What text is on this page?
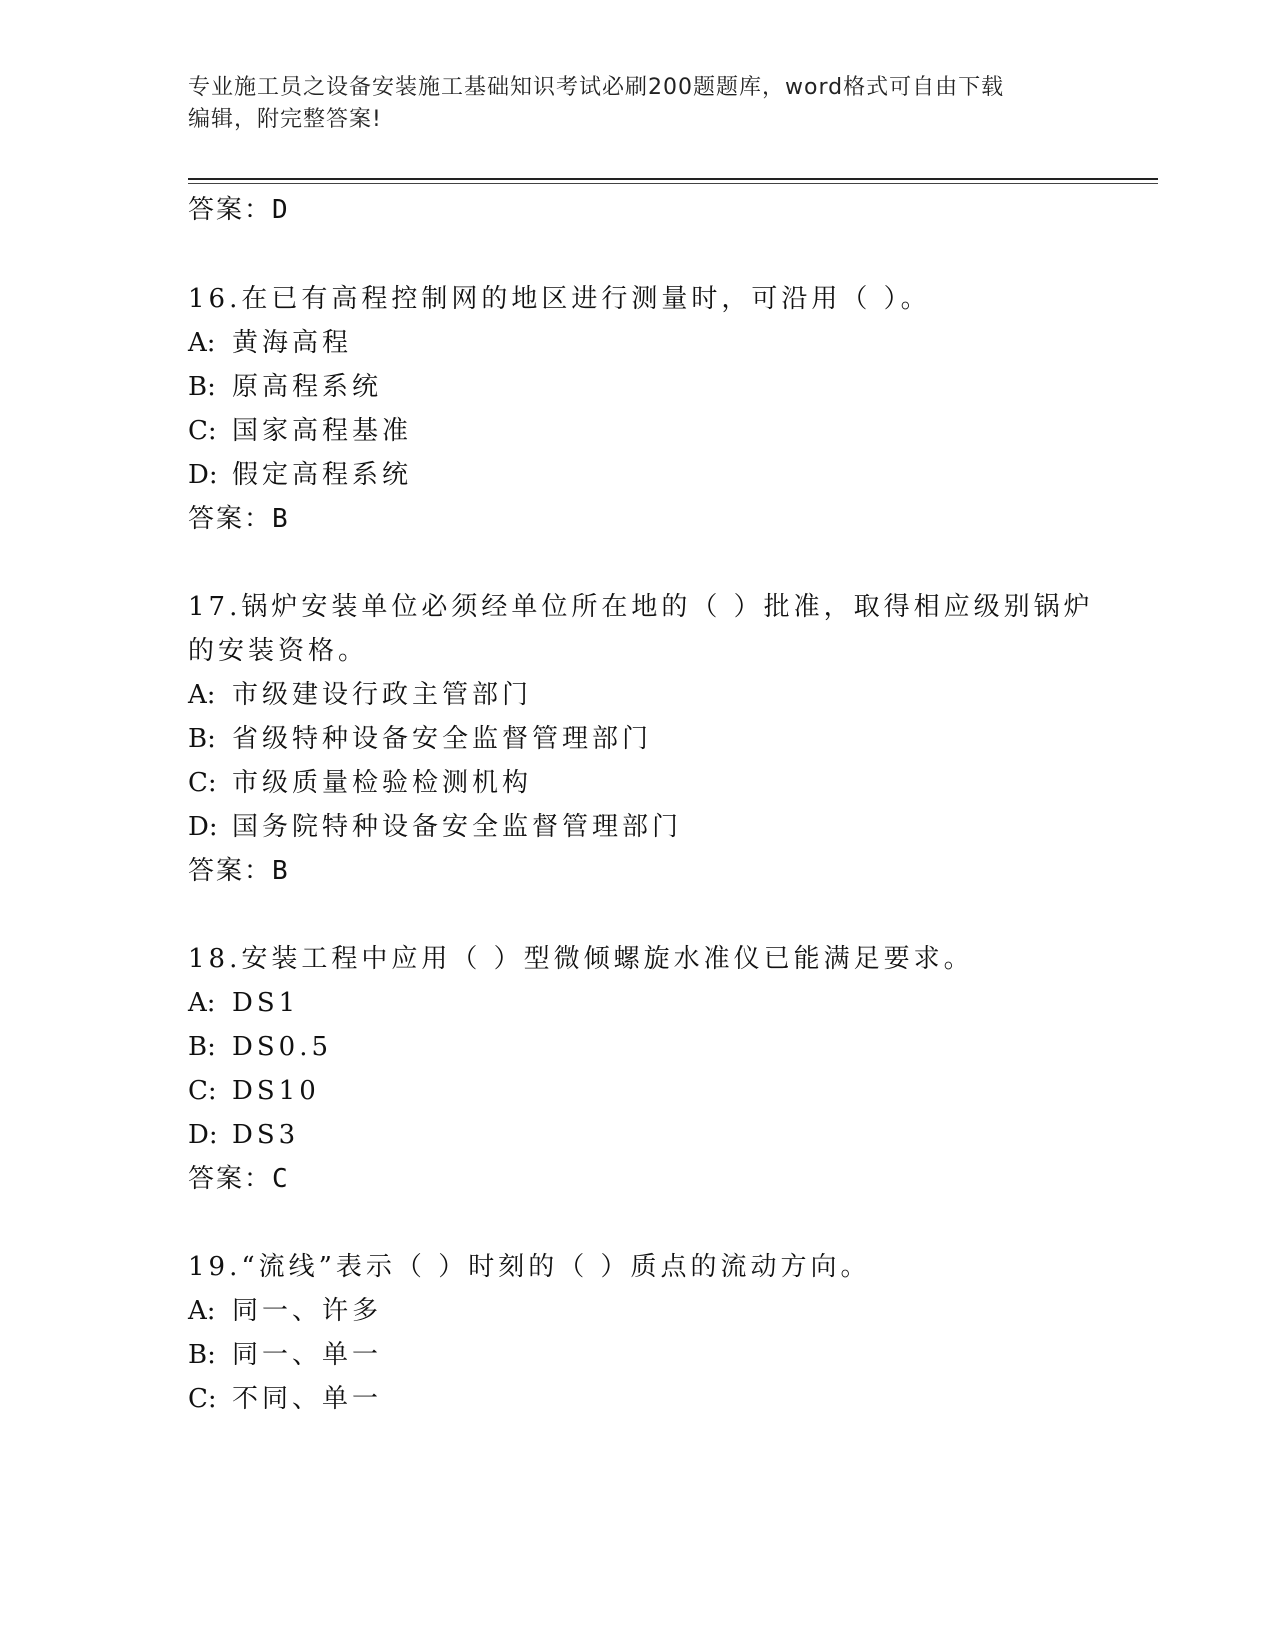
专业施工员之设备安装施工基础知识考试必刷200题题库，word格式可自由下载
编辑，附完整答案!
答案：D
16.在已有高程控制网的地区进行测量时，可沿用（ ）。
A: 黄海高程
B: 原高程系统
C: 国家高程基准
D: 假定高程系统
答案：B
17.锅炉安装单位必须经单位所在地的（ ）批准，取得相应级别锅炉
的安装资格。
A: 市级建设行政主管部门
B: 省级特种设备安全监督管理部门
C: 市级质量检验检测机构
D: 国务院特种设备安全监督管理部门
答案：B
18.安装工程中应用（ ）型微倾螺旋水准仪已能满足要求。
A: DS1
B: DS0.5
C: DS10
D: DS3
答案：C
19.“流线”表示（ ）时刻的（ ）质点的流动方向。
A: 同一、许多
B: 同一、单一
C: 不同、单一
